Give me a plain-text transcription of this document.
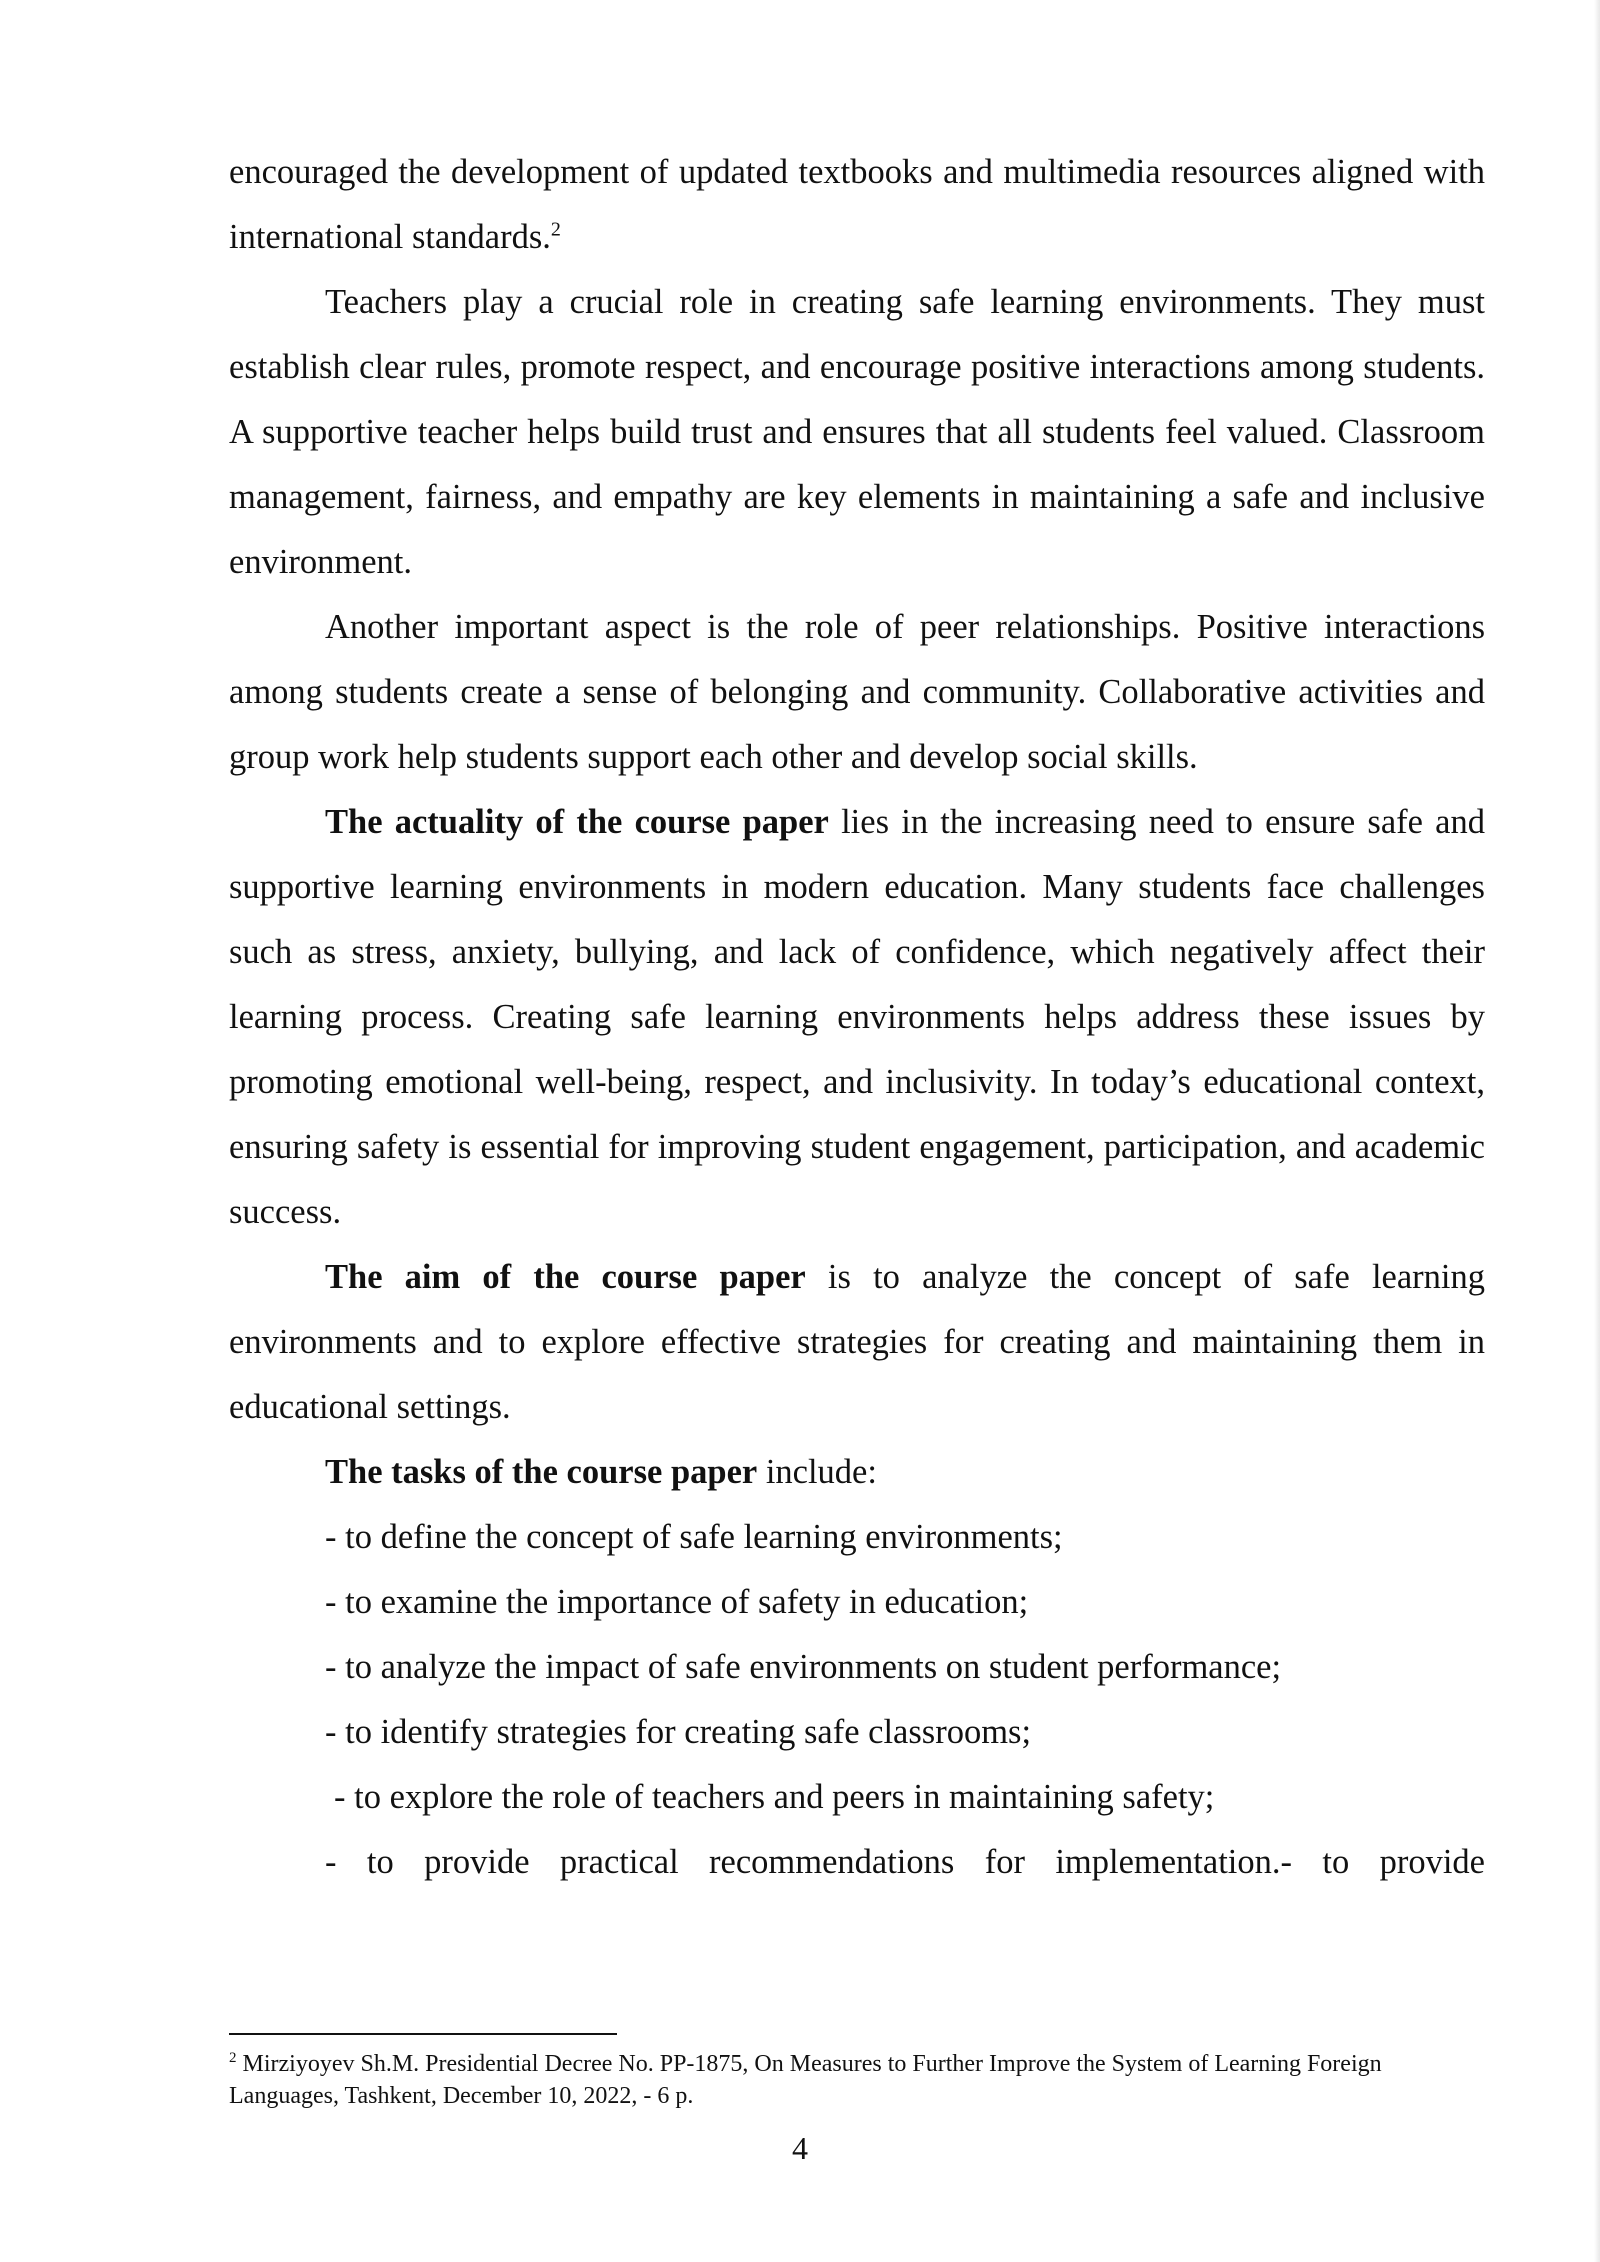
encouraged the development of updated textbooks and multimedia resources aligned with international standards.$^2$

Teachers play a crucial role in creating safe learning environments. They must establish clear rules, promote respect, and encourage positive interactions among students. A supportive teacher helps build trust and ensures that all students feel valued. Classroom management, fairness, and empathy are key elements in maintaining a safe and inclusive environment.

Another important aspect is the role of peer relationships. Positive interactions among students create a sense of belonging and community. Collaborative activities and group work help students support each other and develop social skills.

The actuality of the course paper lies in the increasing need to ensure safe and supportive learning environments in modern education. Many students face challenges such as stress, anxiety, bullying, and lack of confidence, which negatively affect their learning process. Creating safe learning environments helps address these issues by promoting emotional well-being, respect, and inclusivity. In today’s educational context, ensuring safety is essential for improving student engagement, participation, and academic success.

The aim of the course paper is to analyze the concept of safe learning environments and to explore effective strategies for creating and maintaining them in educational settings.

The tasks of the course paper include:

- to define the concept of safe learning environments;

- to examine the importance of safety in education;

- to analyze the impact of safe environments on student performance;

- to identify strategies for creating safe classrooms;

- to explore the role of teachers and peers in maintaining safety;

- to provide practical recommendations for implementation.- to provide

$^2$ Mirziyoyev Sh.M. Presidential Decree No. PP-1875, On Measures to Further Improve the System of Learning Foreign Languages, Tashkent, December 10, 2022, - 6 p.
4
